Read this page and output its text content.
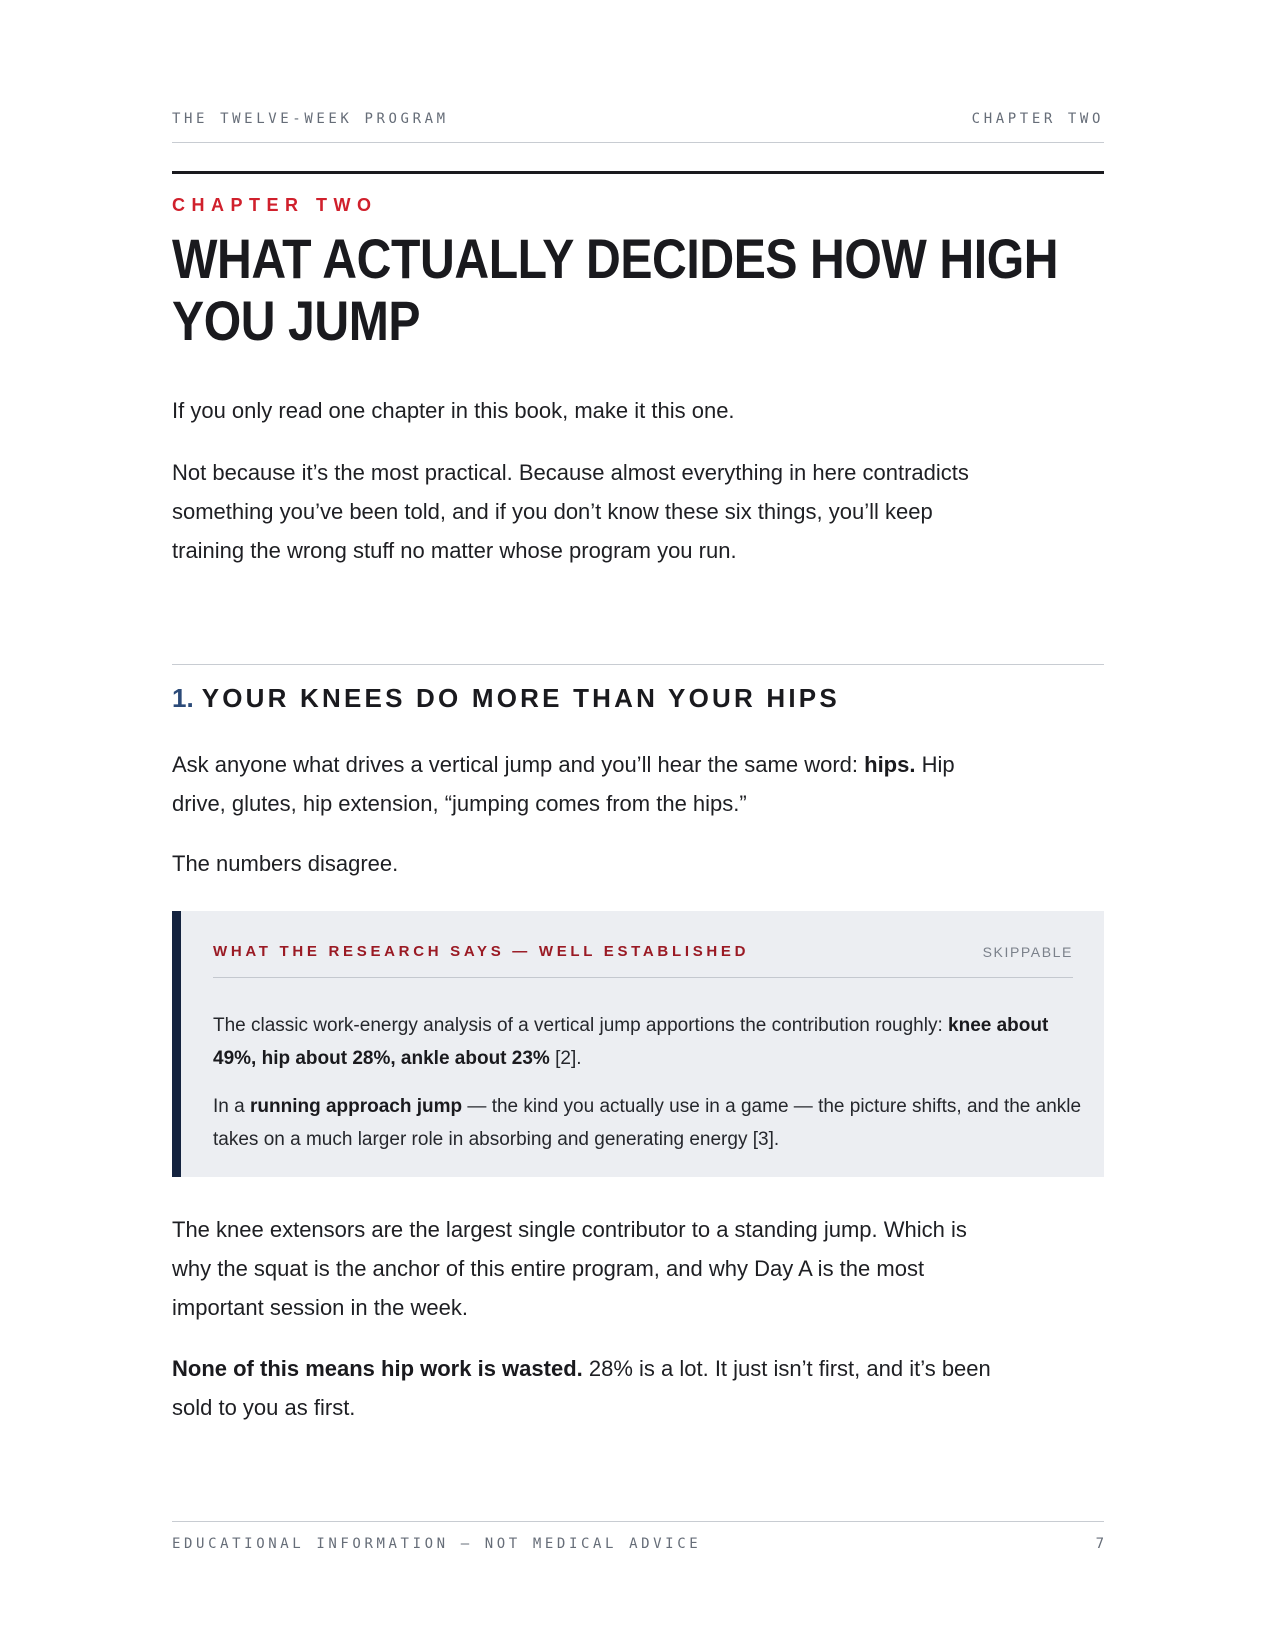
THE TWELVE-WEEK PROGRAM	CHAPTER TWO
CHAPTER TWO
WHAT ACTUALLY DECIDES HOW HIGH YOU JUMP

If you only read one chapter in this book, make it this one.

Not because it’s the most practical. Because almost everything in here contradicts something you’ve been told, and if you don’t know these six things, you’ll keep training the wrong stuff no matter whose program you run.

1. YOUR KNEES DO MORE THAN YOUR HIPS

Ask anyone what drives a vertical jump and you’ll hear the same word: hips. Hip drive, glutes, hip extension, “jumping comes from the hips.”

The numbers disagree.

WHAT THE RESEARCH SAYS — WELL ESTABLISHED	SKIPPABLE

The classic work-energy analysis of a vertical jump apportions the contribution roughly: knee about 49%, hip about 28%, ankle about 23% [2].

In a running approach jump — the kind you actually use in a game — the picture shifts, and the ankle takes on a much larger role in absorbing and generating energy [3].

The knee extensors are the largest single contributor to a standing jump. Which is why the squat is the anchor of this entire program, and why Day A is the most important session in the week.

None of this means hip work is wasted. 28% is a lot. It just isn’t first, and it’s been sold to you as first.

EDUCATIONAL INFORMATION — NOT MEDICAL ADVICE	7
